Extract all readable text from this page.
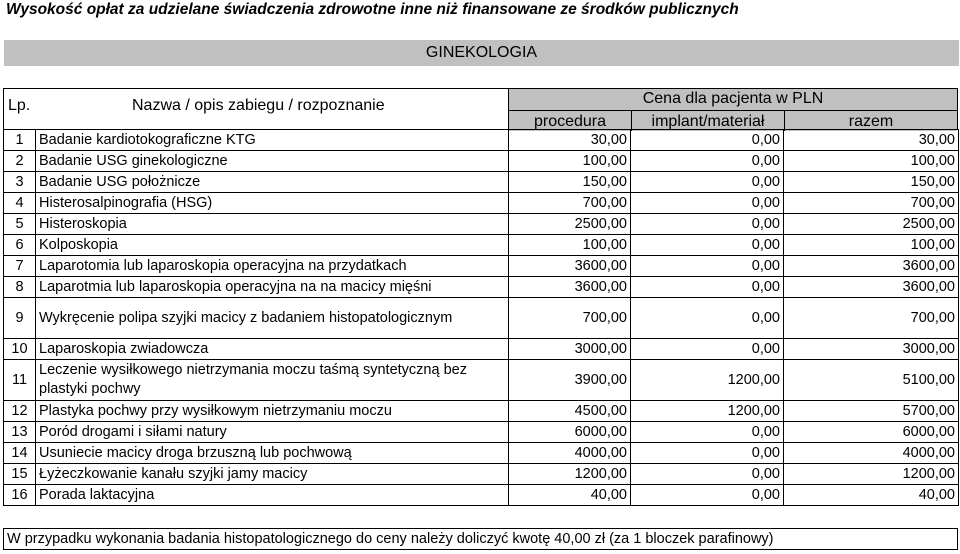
Wysokość opłat za udzielane świadczenia zdrowotne inne niż finansowane ze środków publicznych
GINEKOLOGIA
Lp.	Nazwa / opis zabiegu / rozpoznanie	Cena dla pacjenta w PLN
procedura	implant/materiał	razem
1	Badanie kardiotokograficzne KTG	30,00	0,00	30,00
2	Badanie USG ginekologiczne	100,00	0,00	100,00
3	Badanie USG położnicze	150,00	0,00	150,00
4	Histerosalpinografia (HSG)	700,00	0,00	700,00
5	Histeroskopia	2500,00	0,00	2500,00
6	Kolposkopia	100,00	0,00	100,00
7	Laparotomia lub laparoskopia operacyjna na przydatkach	3600,00	0,00	3600,00
8	Laparotmia lub laparoskopia operacyjna na na macicy mięśni	3600,00	0,00	3600,00
9	Wykręcenie polipa szyjki macicy z badaniem histopatologicznym	700,00	0,00	700,00
10	Laparoskopia zwiadowcza	3000,00	0,00	3000,00
11	Leczenie wysiłkowego nietrzymania moczu taśmą syntetyczną bez plastyki pochwy	3900,00	1200,00	5100,00
12	Plastyka pochwy przy wysiłkowym nietrzymaniu moczu	4500,00	1200,00	5700,00
13	Poród drogami i siłami natury	6000,00	0,00	6000,00
14	Usuniecie macicy droga brzuszną lub pochwową	4000,00	0,00	4000,00
15	Łyżeczkowanie kanału szyjki jamy macicy	1200,00	0,00	1200,00
16	Porada laktacyjna	40,00	0,00	40,00
W przypadku wykonania badania histopatologicznego do ceny należy doliczyć kwotę 40,00 zł (za 1 bloczek parafinowy)
